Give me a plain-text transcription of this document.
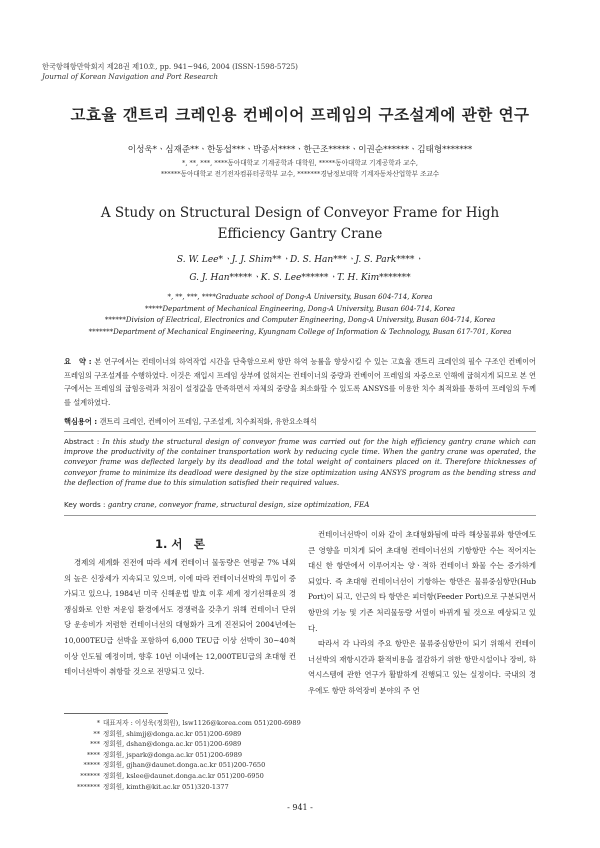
한국항해항만학회지 제28권 제10호, pp. 941~946, 2004 (ISSN-1598-5725)
Journal of Korean Navigation and Port Research
고효율 갠트리 크레인용 컨베이어 프레임의 구조설계에 관한 연구
이성욱*ㆍ심재준**ㆍ한동섭***ㆍ박종서****ㆍ한근조*****ㆍ이권순******ㆍ김태형*******
*, **, ***, ****동아대학교 기계공학과 대학원, *****동아대학교 기계공학과 교수,
******동아대학교 전기전자컴퓨터공학부 교수, *******경남정보대학 기계자동차산업학부 조교수
A Study on Structural Design of Conveyor Frame for High
Efficiency Gantry Crane
S. W. Lee*ㆍJ. J. Shim**ㆍD. S. Han***ㆍJ. S. Park****ㆍ
G. J. Han*****ㆍK. S. Lee******ㆍT. H. Kim*******
*, **, ***, ****Graduate school of Dong-A University, Busan 604-714, Korea
*****Department of Mechanical Engineering, Dong-A University, Busan 604-714, Korea
******Division of Electrical, Electronics and Computer Engineering, Dong-A University, Busan 604-714, Korea
*******Department of Mechanical Engineering, Kyungnam College of Information & Technology, Busan 617-701, Korea
요　약 : 본 연구에서는 컨테이너의 하역작업 시간을 단축함으로써 항만 하역 능률을 향상시킬 수 있는 고효율 갠트리 크레인의 필수 구조인 컨베이어 프레임의 구조설계를 수행하였다. 이것은 재입시 프레임 상부에 얹혀지는 컨테이너의 중량과 컨베이어 프레임의 자중으로 인해에 굽혀지게 되므로 본 연구에서는 프레임의 굽힘응력과 처짐이 설정값을 만족하면서 자체의 중량을 최소화할 수 있도록 ANSYS를 이용한 치수 최적화를 통하여 프레임의 두께를 설계하였다.
핵심용어 : 갠트리 크레인, 컨베이어 프레임, 구조설계, 치수최적화, 유한요소해석
Abstract : In this study the structural design of conveyor frame was carried out for the high efficiency gantry crane which can improve the productivity of the container transportation work by reducing cycle time. When the gantry crane was operated, the conveyor frame was deflected largely by its deadload and the total weight of containers placed on it. Therefore thicknesses of conveyor frame to minimize its deadload were designed by the size optimization using ANSYS program as the bending stress and the deflection of frame due to this simulation satisfied their required values.
Key words : gantry crane, conveyor frame, structural design, size optimization, FEA
1. 서　론

경제의 세계화 진전에 따라 세계 컨테이너 물동량은 연평균 7% 내외의 높은 신장세가 지속되고 있으며, 이에 따라 컨테이너선박의 투입이 증가되고 있으나, 1984년 미국 신해운법 발효 이후 세계 정기선해운의 경쟁심화로 인한 저운임 환경에서도 경쟁력을 갖추기 위해 컨테이너 단위당 운송비가 저렴한 컨테이너선의 대형화가 크게 진전되어 2004년에는 10,000TEU급 선박을 포함하여 6,000 TEU급 이상 선박이 30~40척 이상 인도될 예정이며, 향후 10년 이내에는 12,000TEU급의 초대형 컨테이너선박이 취항할 것으로 전망되고 있다.

컨테이너선박이 이와 같이 초대형화됨에 따라 해상물류와 항만에도 큰 영향을 미치게 되어 초대형 컨테이너선의 기항항만 수는 적어지는 대신 한 항만에서 이루어지는 양ㆍ적하 컨테이너 화물 수는 증가하게 되었다. 즉 초대형 컨테이너선이 기항하는 항만은 물류중심항만(Hub Port)이 되고, 인근의 타 항만은 피더항(Feeder Port)으로 구분되면서 항만의 기능 및 기존 처리물동량 서열이 바뀌게 될 것으로 예상되고 있다.

따라서 각 나라의 주요 항만은 물류중심항만이 되기 위해서 컨테이너선박의 재항시간과 환적비용을 절감하기 위한 항만시설이나 장비, 하역시스템에 관한 연구가 활발하게 진행되고 있는 실정이다. 국내의 경우에도 항만 하역장비 분야의 주 연

* 대표저자 : 이성욱(정회원), lsw1126@korea.com 051)200-6989
** 정회원, shimjj@donga.ac.kr 051)200-6989
*** 정회원, dshan@donga.ac.kr 051)200-6989
**** 정회원, jspark@donga.ac.kr 051)200-6989
***** 정회원, gjhan@daunet.donga.ac.kr 051)200-7650
****** 정회원, kslee@daunet.donga.ac.kr 051)200-6950
******* 정회원, kimth@kit.ac.kr 051)320-1377
- 941 -
